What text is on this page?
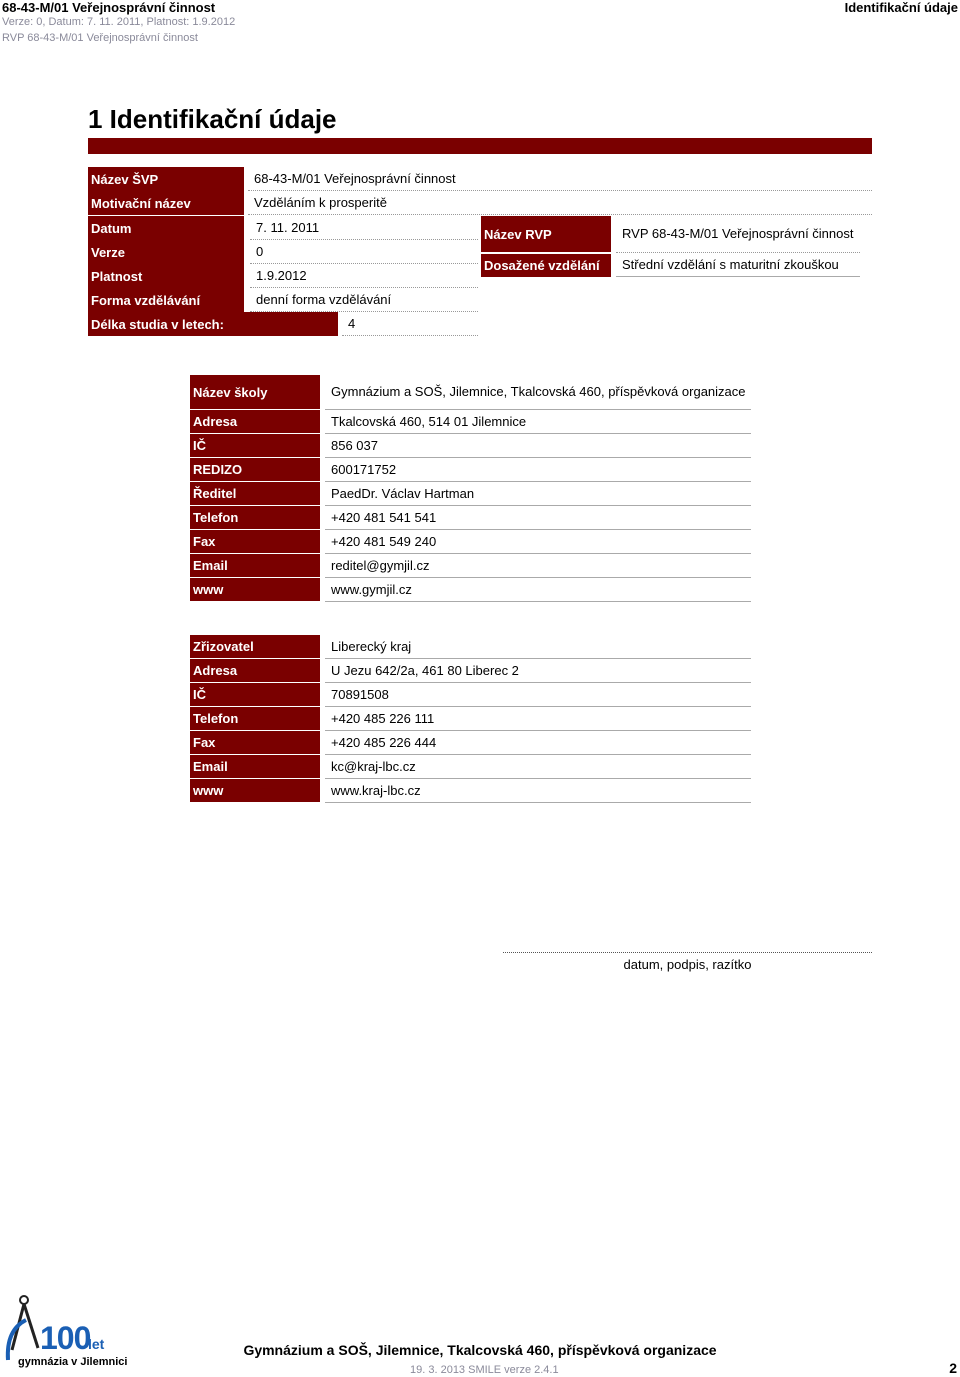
68-43-M/01 Veřejnosprávní činnost
Verze: 0, Datum: 7. 11. 2011, Platnost: 1.9.2012
RVP 68-43-M/01 Veřejnosprávní činnost
Identifikační údaje
1 Identifikační údaje
Název ŠVP	68-43-M/01 Veřejnosprávní činnost
Motivační název	Vzděláním k prosperitě
Datum	7. 11. 2011
Verze	0
Platnost	1.9.2012
Forma vzdělávání	denní forma vzdělávání
Délka studia v letech:	4
Název RVP	RVP 68-43-M/01 Veřejnosprávní činnost
Dosažené vzdělání	Střední vzdělání s maturitní zkouškou
Název školy	Gymnázium a SOŠ, Jilemnice, Tkalcovská 460, příspěvková organizace
Adresa	Tkalcovská 460, 514 01 Jilemnice
IČ	856 037
REDIZO	600171752
Ředitel	PaedDr. Václav Hartman
Telefon	+420 481 541 541
Fax	+420 481 549 240
Email	reditel@gymjil.cz
www	www.gymjil.cz
Zřizovatel	Liberecký kraj
Adresa	U Jezu 642/2a, 461 80 Liberec 2
IČ	70891508
Telefon	+420 485 226 111
Fax	+420 485 226 444
Email	kc@kraj-lbc.cz
www	www.kraj-lbc.cz
datum, podpis, razítko
100
let
gymnázia v Jilemnici
Gymnázium a SOŠ, Jilemnice, Tkalcovská 460, příspěvková organizace
19. 3. 2013 SMILE verze 2.4.1	2
